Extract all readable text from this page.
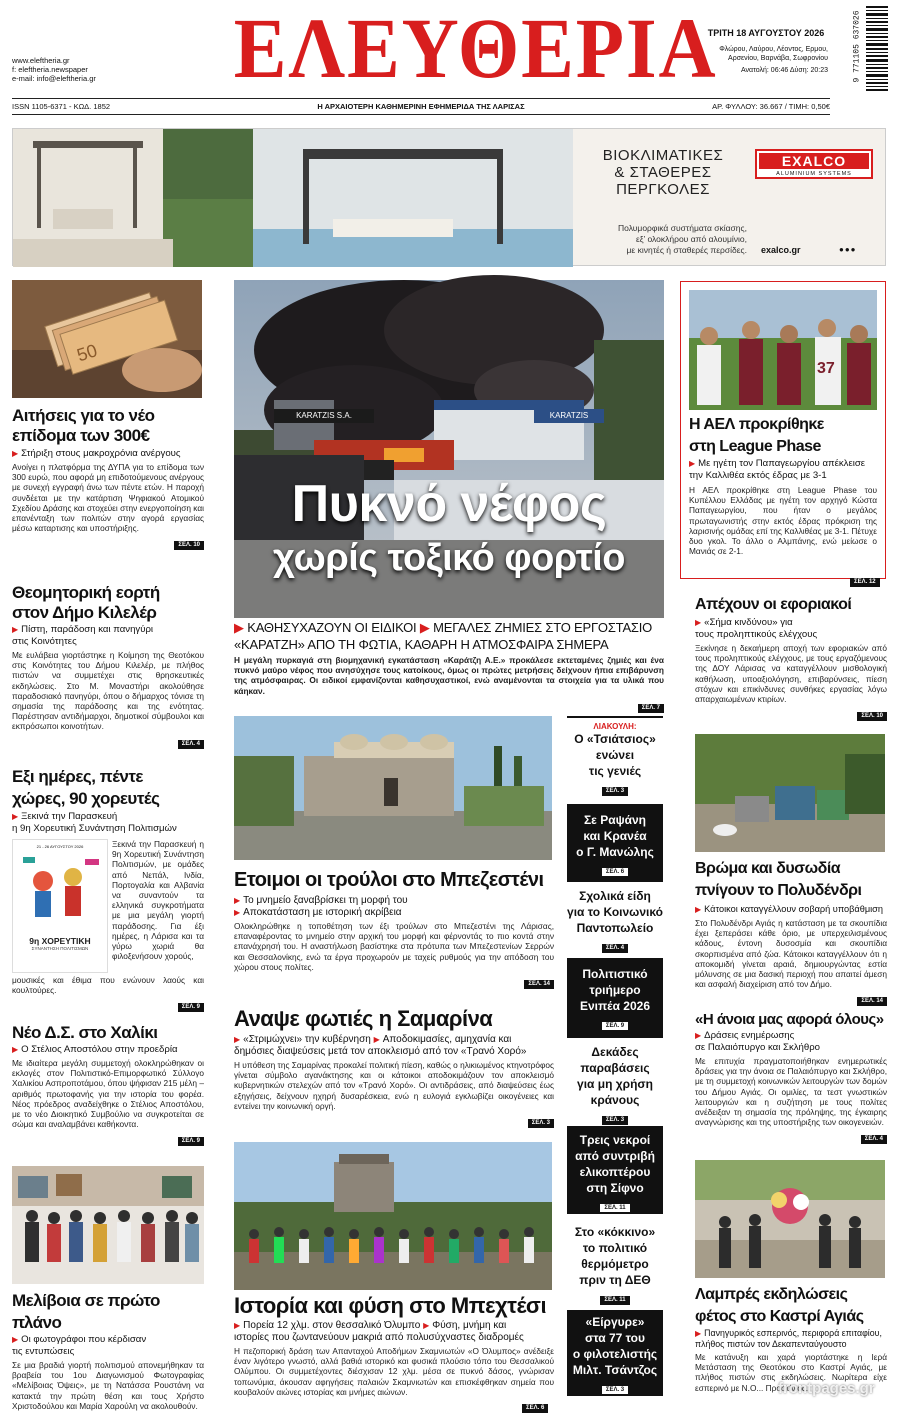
www.eleftheria.gr
f: eleftheria.newspaper
e-mail: info@eleftheria.gr	ΕΛΕΥΘΕΡΙΑ
ΤΡΙΤΗ 18 ΑΥΓΟΥΣΤΟΥ 2026
Φλώρου, Λαύρου, Λέοντος, Ερμου, Αρσενίου, Βαρνάβα, Σωφρονίου
Ανατολή: 06:46 Δύση: 20:23	9 771105 637026
ISSN 1105-6371 - ΚΩΔ. 1852	Η ΑΡΧΑΙΟΤΕΡΗ ΚΑΘΗΜΕΡΙΝΗ ΕΦΗΜΕΡΙΔΑ ΤΗΣ ΛΑΡΙΣΑΣ	ΑΡ. ΦΥΛΛΟΥ: 36.667 / ΤΙΜΗ: 0,50€
ΒΙΟΚΛΙΜΑΤΙΚΕΣ
& ΣΤΑΘΕΡΕΣ
ΠΕΡΓΚΟΛΕΣ
EXALCO
ALUMINIUM SYSTEMS
Πολυμορφικά συστήματα σκίασης,
εξ’ ολοκλήρου από αλουμίνιο,
με κινητές ή σταθερές περσίδες. exalco.gr	●●●
50
Αιτήσεις για το νέο
επίδομα των 300€
▶ Στήριξη στους μακροχρόνια ανέργους
Ανοίγει η πλατφόρμα της ΔΥΠΑ για το επίδομα των 300 ευρώ, που αφορά μη επιδοτούμενους ανέργους με συνεχή εγγραφή άνω των πέντε ετών. Η παροχή συνδέεται με την κατάρτιση Ψηφιακού Ατομικού Σχεδίου Δράσης και στοχεύει στην ενεργοποίηση και επανένταξη των πολιτών στην αγορά εργασίας μέσω καταρτισης και υποστήριξης.
ΣΕΛ. 10
Θεομητορική εορτή
στον Δήμο Κιλελέρ
▶ Πίστη, παράδοση και πανηγύρι
στις Κοινότητες
Με ευλάβεια γιορτάστηκε η Κοίμηση της Θεοτόκου στις Κοινότητες του Δήμου Κιλελέρ, με πλήθος πιστών να συμμετέχει στις θρησκευτικές εκδηλώσεις. Στο Μ. Μοναστήρι ακολούθησε παραδοσιακό πανηγύρι, όπου ο δήμαρχος τόνισε τη σημασία της παράδοσης και της ενότητας. Παρέστησαν αντιδήμαρχοι, δημοτικοί σύμβουλοι και εκπρόσωποι κοινοτήτων.
ΣΕΛ. 4
Εξι ημέρες, πέντε
χώρες, 90 χορευτές
▶ Ξεκινά την Παρασκευή
η 9η Χορευτική Συνάντηση Πολιτισμών
21 - 26 ΑΥΓΟΥΣΤΟΥ 2026
9η ΧΟΡΕΥΤΙΚΗ
ΣΥΝΑΝΤΗΣΗ ΠΟΛΙΤΙΣΜΩΝ
Ξεκινά την Παρασκευή η 9η Χορευτική Συνάντηση Πολιτισμών, με ομάδες από Νεπάλ, Ινδία, Πορτογαλία και Αλβανία να συναντούν τα ελληνικά συγκροτήματα με μια μεγάλη γιορτή παράδοσης. Για έξι ημέρες, η Λάρισα και τα γύρω χωριά θα φιλοξενήσουν χορούς,
μουσικές και έθιμα που ενώνουν λαούς και κουλτούρες.
ΣΕΛ. 9
Νέο Δ.Σ. στο Χαλίκι
▶ Ο Στέλιος Αποστόλου στην προεδρία
Με ιδιαίτερα μεγάλη συμμετοχή ολοκληρώθηκαν οι εκλογές στον Πολιτιστικό-Επιμορφωτικό Σύλλογο Χαλικίου Ασπροποτάμου, όπου ψήφισαν 215 μέλη – αριθμός πρωτοφανής για την ιστορία του φορέα. Νέος πρόεδρος αναδείχθηκε ο Στέλιος Αποστόλου, με το νέο Διοικητικό Συμβούλιο να συγκροτείται σε σώμα και αναλαμβάνει καθήκοντα.
ΣΕΛ. 9
Μελίβοια σε πρώτο πλάνο
▶ Οι φωτογράφοι που κέρδισαν
τις εντυπώσεις
Σε μια βραδιά γιορτή πολιτισμού απονεμήθηκαν τα βραβεία του 1ου Διαγωνισμού Φωτογραφίας «Μελίβοιας Όψεις», με τη Νατάσσα Ρουστάνη να κατακτά την πρώτη θέση και τους Χρήστο Χριστοδούλου και Μαρία Χαρούλη να ακολουθούν.
KARATZIS S.A.	KARATZIS
Πυκνό νέφος
χωρίς τοξικό φορτίο
▶ ΚΑΘΗΣΥΧΑΖΟΥΝ ΟΙ ΕΙΔΙΚΟΙ ▶ ΜΕΓΑΛΕΣ ΖΗΜΙΕΣ ΣΤΟ ΕΡΓΟΣΤΑΣΙΟ
«ΚΑΡΑΤΖΗ» ΑΠΟ ΤΗ ΦΩΤΙΑ, ΚΑΘΑΡΗ Η ΑΤΜΟΣΦΑΙΡΑ ΣΗΜΕΡΑ
Η μεγάλη πυρκαγιά στη βιομηχανική εγκατάσταση «Καράτζη Α.Ε.» προκάλεσε εκτεταμένες ζημιές και ένα πυκνό μαύρο νέφος που ανησύχησε τους κατοίκους, όμως οι πρώτες μετρήσεις δείχνουν ήπια επιβάρυνση της ατμόσφαιρας. Οι ειδικοί εμφανίζονται καθησυχαστικοί, ενώ αναμένονται τα στοιχεία για τα υλικά που κάηκαν.
ΣΕΛ. 7
Ετοιμοι οι τρούλοι στο Μπεζεστένι
▶ Το μνημείο ξαναβρίσκει τη μορφή του
▶ Αποκατάσταση με ιστορική ακρίβεια
Ολοκληρώθηκε η τοποθέτηση των έξι τρούλων στο Μπεζεστένι της Λάρισας, επαναφέροντας το μνημείο στην αρχική του μορφή και φέρνοντάς το πιο κοντά στην επανάχρησή του. Η αναστήλωση βασίστηκε στα πρότυπα των Μπεζεστενίων Σερρών και Θεσσαλονίκης, ενώ τα έργα προχωρούν με ταχείς ρυθμούς για την απόδοση του χώρου στους πολίτες.
ΣΕΛ. 14
Αναψε φωτιές η Σαμαρίνα
▶ «Στριμώχνει» την κυβέρνηση ▶ Αποδοκιμασίες, αμηχανία και
δημόσιες διαψεύσεις μετά τον αποκλεισμό από τον «Τρανό Χορό»
Η υπόθεση της Σαμαρίνας προκαλεί πολιτική πίεση, καθώς ο ηλικιωμένος κτηνοτρόφος γίνεται σύμβολο αγανάκτησης και οι κάτοικοι αποδοκιμάζουν τον αποκλεισμό κυβερνητικών στελεχών από τον «Τρανό Χορό». Οι αντιδράσεις, από διαψεύσεις έως εξηγήσεις, δείχνουν ηχηρή δυσαρέσκεια, ενώ η ευλογιά εγκλωβίζει οικογένειες και εντείνει την κοινωνική οργή.
ΣΕΛ. 3
Ιστορία και φύση στο Μπεχτέσι
▶ Πορεία 12 χλμ. στον θεσσαλικό Όλυμπο ▶ Φύση, μνήμη και
ιστορίες που ζωντανεύουν μακριά από πολυσύχναστες διαδρομές
Η πεζοπορική δράση των Απανταχού Αποδήμων Σκαμνιωτών «Ο Όλυμπος» ανέδειξε έναν λιγότερο γνωστό, αλλά βαθιά ιστορικό και φυσικά πλούσιο τόπο του Θεσσαλικού Ολύμπου. Οι συμμετέχοντες διέσχισαν 12 χλμ. μέσα σε πυκνό δάσος, γνώρισαν τοπωνύμια, άκουσαν αφηγήσεις παλαιών Σκαμνιωτών και επισκέφθηκαν σημεία που κουβαλούν αιώνες ιστορίας και μνήμες αιώνων.
ΣΕΛ. 6
ΛΙΑΚΟΥΛΗ:
Ο «Τσιάτσιος»
ενώνει
τις γενιές
ΣΕΛ. 3
Σε Ραψάνη
και Κρανέα
ο Γ. Μανώλης
ΣΕΛ. 6
Σχολικά είδη
για το Κοινωνικό
Παντοπωλείο
ΣΕΛ. 4
Πολιτιστικό
τριήμερο
Ενιπέα 2026
ΣΕΛ. 9
Δεκάδες
παραβάσεις
για μη χρήση
κράνους
ΣΕΛ. 3
Τρεις νεκροί
από συντριβή
ελικοπτέρου
στη Σίφνο
ΣΕΛ. 11
Στο «κόκκινο»
το πολιτικό
θερμόμετρο
πριν τη ΔΕΘ
ΣΕΛ. 11
«Είργυρε»
στα 77 του
ο φιλοτελιστής
Μιλτ. Τσάντζος
ΣΕΛ. 3
37
Η ΑΕΛ προκρίθηκε
στη League Phase
▶ Με ηγέτη τον Παπαγεωργίου απέκλεισε
την Καλλιθέα εκτός έδρας με 3-1
Η ΑΕΛ προκρίθηκε στη League Phase του Κυπέλλου Ελλάδας με ηγέτη τον αρχηγό Κώστα Παπαγεωργίου, που ήταν ο μεγάλος πρωταγωνιστής στην εκτός έδρας πρόκριση της λαρισινής ομάδας επί της Καλλιθέας με 3-1. Πέτυχε δυο γκολ. Το άλλο ο Αλμπάνης, ενώ μείωσε ο Μανιάς σε 2-1.
ΣΕΛ. 12
Απέχουν οι εφοριακοί
▶ «Σήμα κινδύνου» για
τους προληπτικούς ελέγχους
Ξεκίνησε η δεκαήμερη αποχή των εφοριακών από τους προληπτικούς ελέγχους, με τους εργαζόμενους της ΔΟΥ Λάρισας να καταγγέλλουν μισθολογική καθήλωση, υποαξιολόγηση, επιβαρύνσεις, πίεση στόχων και επικίνδυνες συνθήκες εργασίας λόγω απαρχαιωμένων κτιρίων.
ΣΕΛ. 10
Βρώμα και δυσωδία
πνίγουν το Πολυδένδρι
▶ Κάτοικοι καταγγέλλουν σοβαρή υποβάθμιση
Στο Πολυδένδρι Αγιάς η κατάσταση με τα σκουπίδια έχει ξεπεράσει κάθε όριο, με υπερχειλισμένους κάδους, έντονη δυσοσμία και σκουπίδια σκορπισμένα από ζώα. Κάτοικοι καταγγέλλουν ότι η αποκομιδή γίνεται αραιά, δημιουργώντας εστία μόλυνσης σε μια δασική περιοχή που απαιτεί άμεση και ασφαλή διαχείριση από τον Δήμο.
ΣΕΛ. 14
«Η άνοια μας αφορά όλους»
▶ Δράσεις ενημέρωσης
σε Παλαιόπυργο και Σκλήθρο
Με επιτυχία πραγματοποιήθηκαν ενημερωτικές δράσεις για την άνοια σε Παλαιόπυργο και Σκλήθρο, με τη συμμετοχή κοινωνικών λειτουργών των δομών του Δήμου Αγιάς. Οι ομιλίες, τα τεστ γνωστικών λειτουργιών και η συζήτηση με τους πολίτες ανέδειξαν τη σημασία της πρόληψης, της έγκαιρης αναγνώρισης και της υποστήριξης των οικογενειών.
ΣΕΛ. 4
Λαμπρές εκδηλώσεις
φέτος στο Καστρί Αγιάς
▶ Πανηγυρικός εσπερινός, περιφορά επιταφίου,
πλήθος πιστών τον Δεκαπενταύγουστο
Με κατάνυξη και χαρά γιορτάστηκε η Ιερά Μετάσταση της Θεοτόκου στο Καστρί Αγιάς, με πλήθος πιστών στις εκδηλώσεις. Νωρίτερα είχε εσπερινό με Ν.Ο... Προστίνιος.
frontpages.gr
